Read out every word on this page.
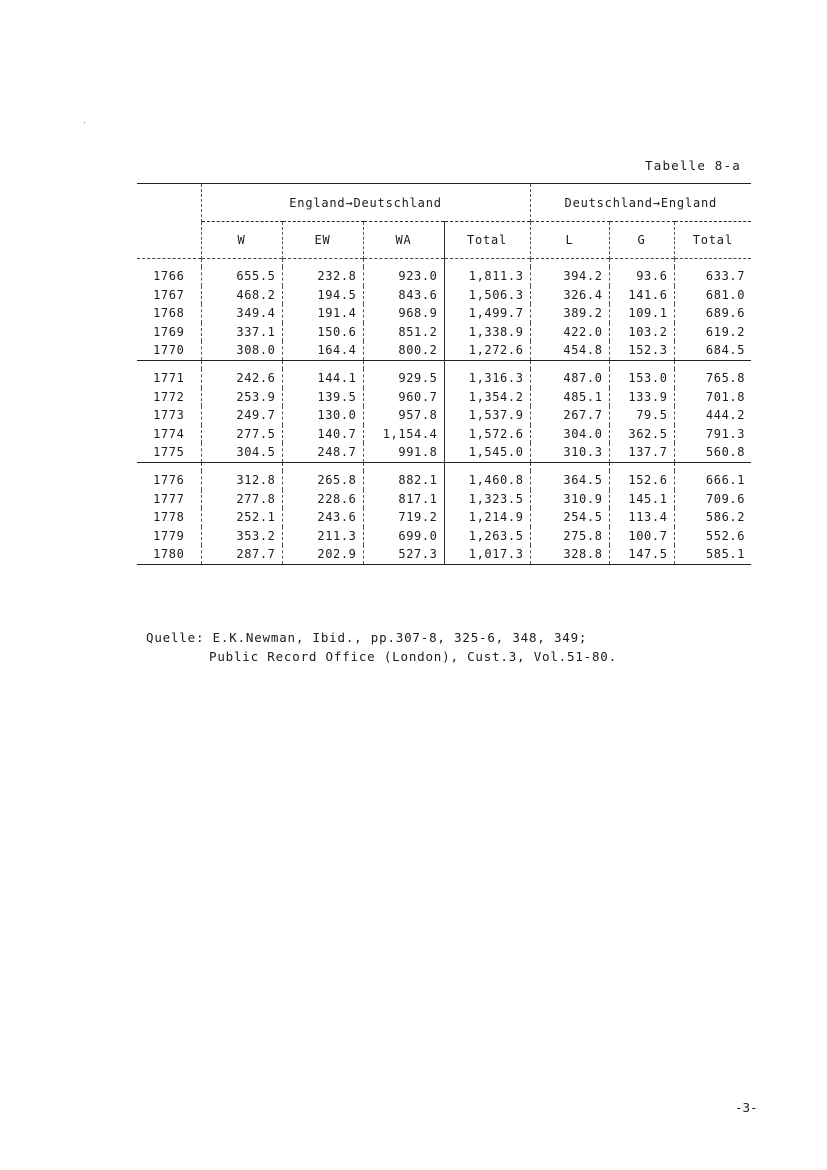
Tabelle 8-a
	England→Deutschland				Deutschland→England		
	W	EW	WA	Total	L	G	Total

1766	655.5	232.8	923.0	1,811.3	394.2	93.6	633.7
1767	468.2	194.5	843.6	1,506.3	326.4	141.6	681.0
1768	349.4	191.4	968.9	1,499.7	389.2	109.1	689.6
1769	337.1	150.6	851.2	1,338.9	422.0	103.2	619.2
1770	308.0	164.4	800.2	1,272.6	454.8	152.3	684.5

1771	242.6	144.1	929.5	1,316.3	487.0	153.0	765.8
1772	253.9	139.5	960.7	1,354.2	485.1	133.9	701.8
1773	249.7	130.0	957.8	1,537.9	267.7	79.5	444.2
1774	277.5	140.7	1,154.4	1,572.6	304.0	362.5	791.3
1775	304.5	248.7	991.8	1,545.0	310.3	137.7	560.8

1776	312.8	265.8	882.1	1,460.8	364.5	152.6	666.1
1777	277.8	228.6	817.1	1,323.5	310.9	145.1	709.6
1778	252.1	243.6	719.2	1,214.9	254.5	113.4	586.2
1779	353.2	211.3	699.0	1,263.5	275.8	100.7	552.6
1780	287.7	202.9	527.3	1,017.3	328.8	147.5	585.1
Quelle: E.K.Newman, Ibid., pp.307-8, 325-6, 348, 349;
Public Record Office (London), Cust.3, Vol.51-80.
-3-
